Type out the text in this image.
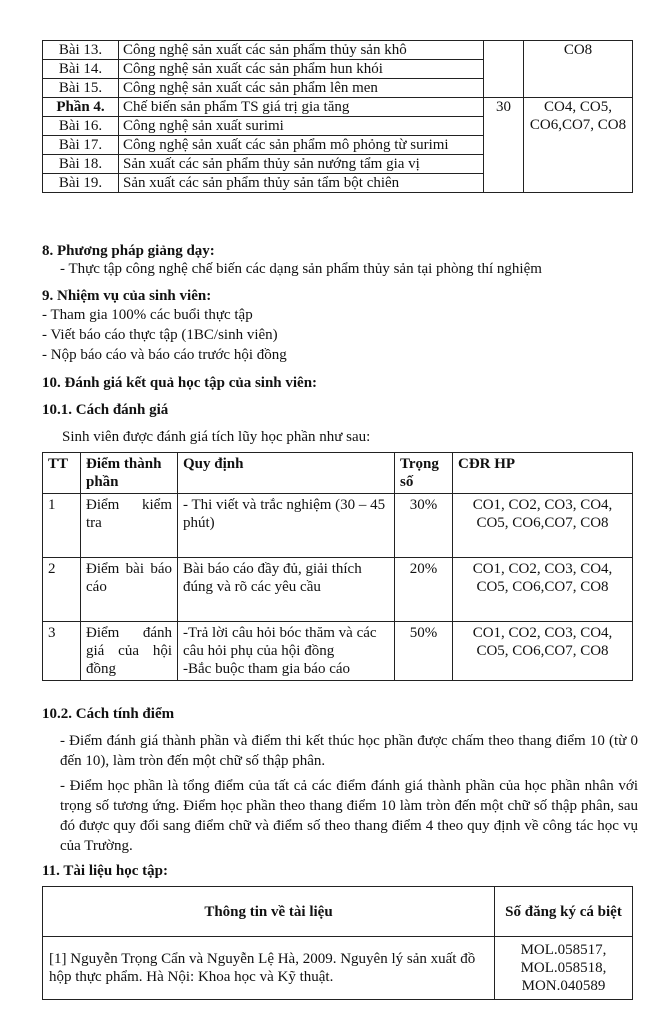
Bài 13.	Công nghệ sản xuất các sản phẩm thủy sản khô		CO8
Bài 14.	Công nghệ sản xuất các sản phẩm hun khói		
Bài 15.	Công nghệ sản xuất các sản phẩm lên men		
Phần 4.	Chế biến sản phẩm TS giá trị gia tăng	30	CO4, CO5, CO6,CO7, CO8
Bài 16.	Công nghệ sản xuất surimi		
Bài 17.	Công nghệ sản xuất các sản phẩm mô phỏng từ surimi		
Bài 18.	Sản xuất các sản phẩm thủy sản nướng tẩm gia vị		
Bài 19.	Sản xuất các sản phẩm thủy sản tẩm bột chiên		

8. Phương pháp giảng dạy:

- Thực tập công nghệ chế biến các dạng sản phẩm thủy sản tại phòng thí nghiệm

9. Nhiệm vụ của sinh viên:

- Tham gia 100% các buổi thực tập

- Viết báo cáo thực tập (1BC/sinh viên)

- Nộp báo cáo và báo cáo trước hội đồng

10. Đánh giá kết quả học tập của sinh viên:

10.1. Cách đánh giá

Sinh viên được đánh giá tích lũy học phần như sau:

TT	Điểm thành phần	Quy định	Trọng số	CĐR HP
1	Điểm kiểm tra	- Thi viết và trắc nghiệm (30 – 45 phút)	30%	CO1, CO2, CO3, CO4, CO5, CO6,CO7, CO8
2	Điểm bài báo cáo	Bài báo cáo đầy đủ, giải thích đúng và rõ các yêu cầu	20%	CO1, CO2, CO3, CO4, CO5, CO6,CO7, CO8
3	Điểm đánh giá của hội đồng	-Trả lời câu hỏi bóc thăm và các câu hỏi phụ của hội đồng
-Bắc buộc tham gia báo cáo	50%	CO1, CO2, CO3, CO4, CO5, CO6,CO7, CO8

10.2. Cách tính điểm

- Điểm đánh giá thành phần và điểm thi kết thúc học phần được chấm theo thang điểm 10 (từ 0 đến 10), làm tròn đến một chữ số thập phân.

- Điểm học phần là tổng điểm của tất cả các điểm đánh giá thành phần của học phần nhân với trọng số tương ứng. Điểm học phần theo thang điểm 10 làm tròn đến một chữ số thập phân, sau đó được quy đổi sang điểm chữ và điểm số theo thang điểm 4 theo quy định về công tác học vụ của Trường.

11. Tài liệu học tập:

Thông tin về tài liệu	Số đăng ký cá biệt
[1] Nguyễn Trọng Cẩn và Nguyễn Lệ Hà, 2009. Nguyên lý sản xuất đồ hộp thực phẩm. Hà Nội: Khoa học và Kỹ thuật.	MOL.058517, MOL.058518, MON.040589
